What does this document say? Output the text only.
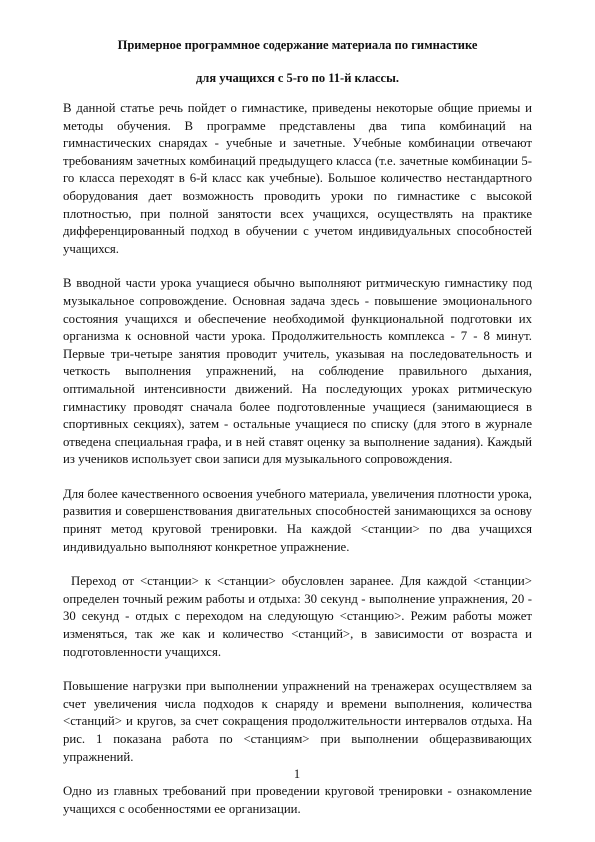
Примерное программное содержание материала по гимнастике

для учащихся с 5-го по 11-й классы.

В данной статье речь пойдет о гимнастике, приведены некоторые общие приемы и методы обучения. В программе представлены два типа комбинаций на гимнастических снарядах - учебные и зачетные. Учебные комбинации отвечают требованиям зачетных комбинаций предыдущего класса (т.е. зачетные комбинации 5-го класса переходят в 6-й класс как учебные). Большое количество нестандартного оборудования дает возможность проводить уроки по гимнастике с высокой плотностью, при полной занятости всех учащихся, осуществлять на практике дифференцированный подход в обучении с учетом индивидуальных способностей учащихся.

В вводной части урока учащиеся обычно выполняют ритмическую гимнастику под музыкальное сопровождение. Основная задача здесь - повышение эмоционального состояния учащихся и обеспечение необходимой функциональной подготовки их организма к основной части урока. Продолжительность комплекса - 7 - 8 минут. Первые три-четыре занятия проводит учитель, указывая на последовательность и четкость выполнения упражнений, на соблюдение правильного дыхания, оптимальной интенсивности движений. На последующих уроках ритмическую гимнастику проводят сначала более подготовленные учащиеся (занимающиеся в спортивных секциях), затем - остальные учащиеся по списку (для этого в журнале отведена специальная графа, и в ней ставят оценку за выполнение задания). Каждый из учеников использует свои записи для музыкального сопровождения.

Для более качественного освоения учебного материала, увеличения плотности урока, развития и совершенствования двигательных способностей занимающихся за основу принят метод круговой тренировки. На каждой <станции> по два учащихся индивидуально выполняют конкретное упражнение.

Переход от <станции> к <станции> обусловлен заранее. Для каждой <станции> определен точный режим работы и отдыха: 30 секунд - выполнение упражнения, 20 - 30 секунд - отдых с переходом на следующую <станцию>. Режим работы может изменяться, так же как и количество <станций>, в зависимости от возраста и подготовленности учащихся.

Повышение нагрузки при выполнении упражнений на тренажерах осуществляем за счет увеличения числа подходов к снаряду и времени выполнения, количества <станций> и кругов, за счет сокращения продолжительности интервалов отдыха. На рис. 1 показана работа по <станциям> при выполнении общеразвивающих упражнений.

Одно из главных требований при проведении круговой тренировки - ознакомление учащихся с особенностями ее организации.

1
